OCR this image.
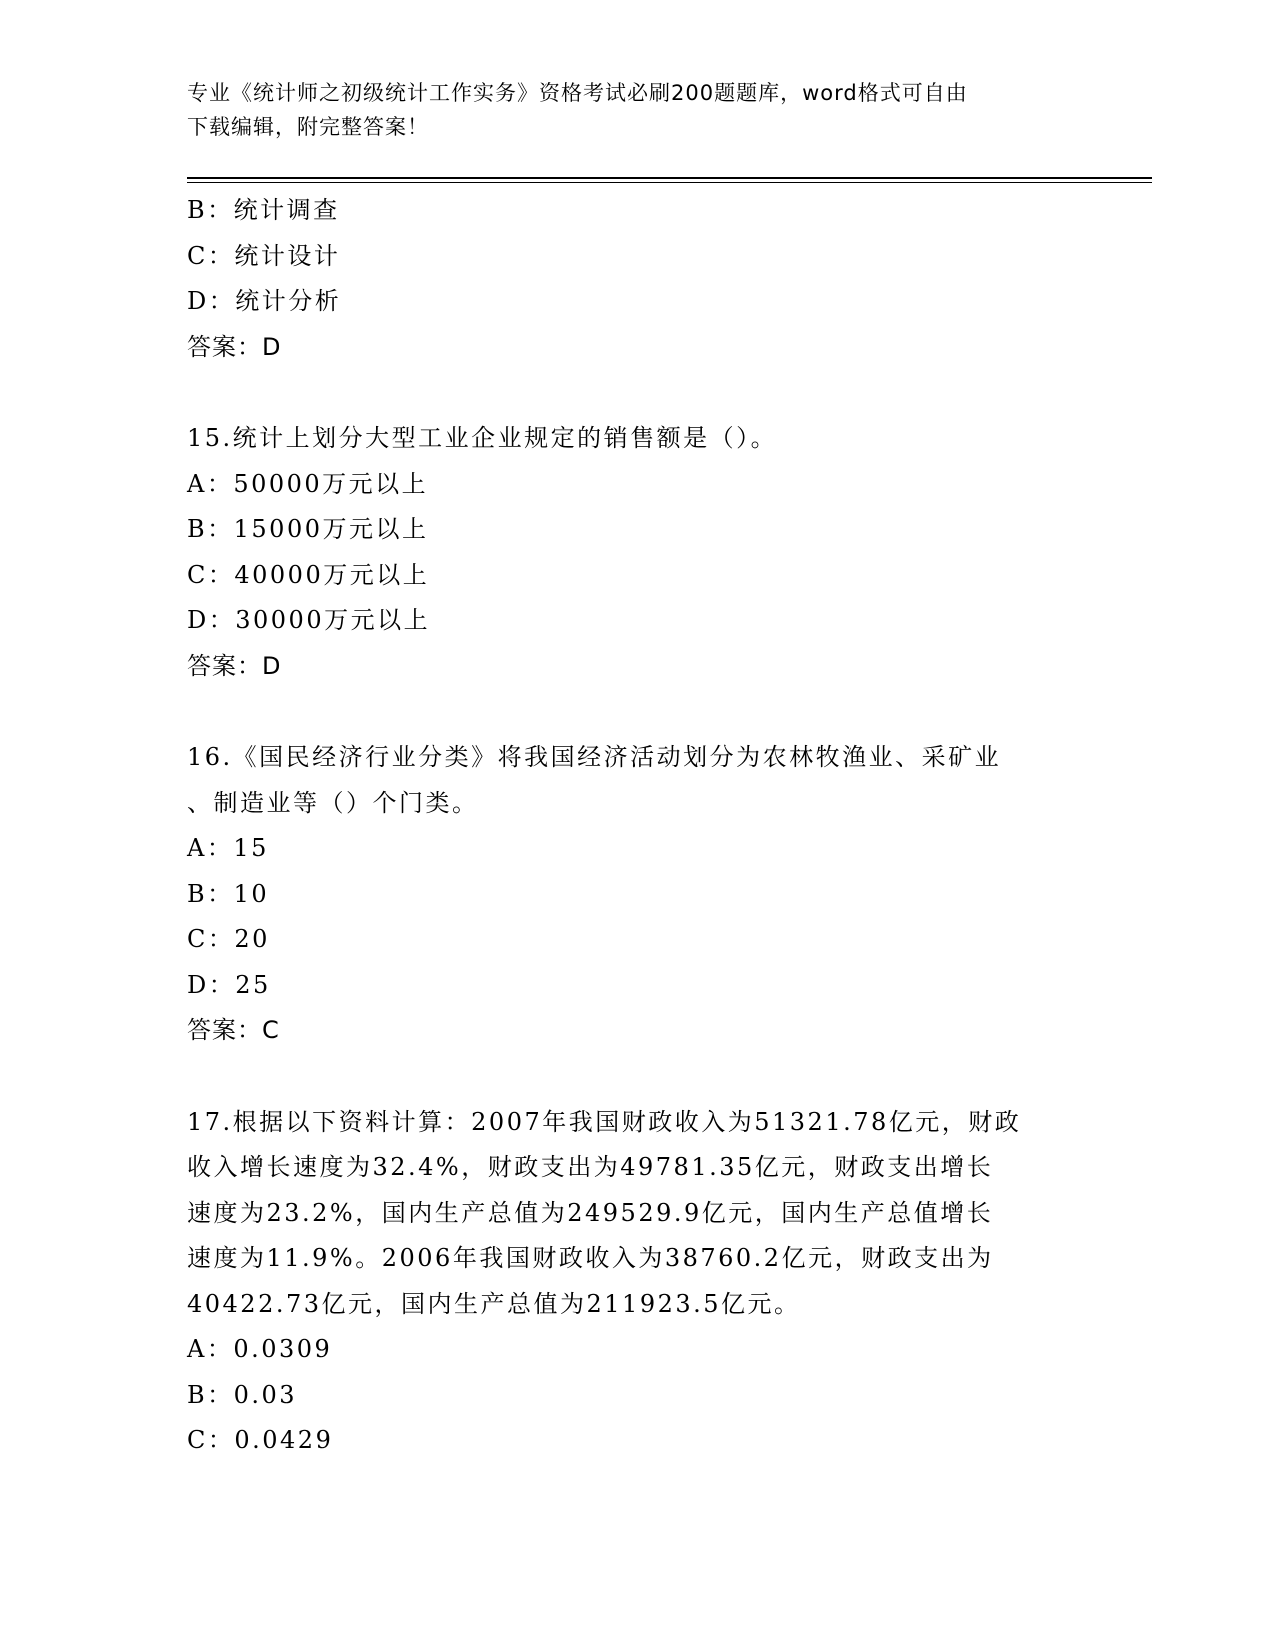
专业《统计师之初级统计工作实务》资格考试必刷200题题库，word格式可自由
下载编辑，附完整答案！
B：统计调查
C：统计设计
D：统计分析
答案：D
15.统计上划分大型工业企业规定的销售额是（）。
A：50000万元以上
B：15000万元以上
C：40000万元以上
D：30000万元以上
答案：D
16.《国民经济行业分类》将我国经济活动划分为农林牧渔业、采矿业
、制造业等（）个门类。
A：15
B：10
C：20
D：25
答案：C
17.根据以下资料计算：2007年我国财政收入为51321.78亿元，财政
收入增长速度为32.4%，财政支出为49781.35亿元，财政支出增长
速度为23.2%，国内生产总值为249529.9亿元，国内生产总值增长
速度为11.9%。2006年我国财政收入为38760.2亿元，财政支出为
40422.73亿元，国内生产总值为211923.5亿元。
A：0.0309
B：0.03
C：0.0429
